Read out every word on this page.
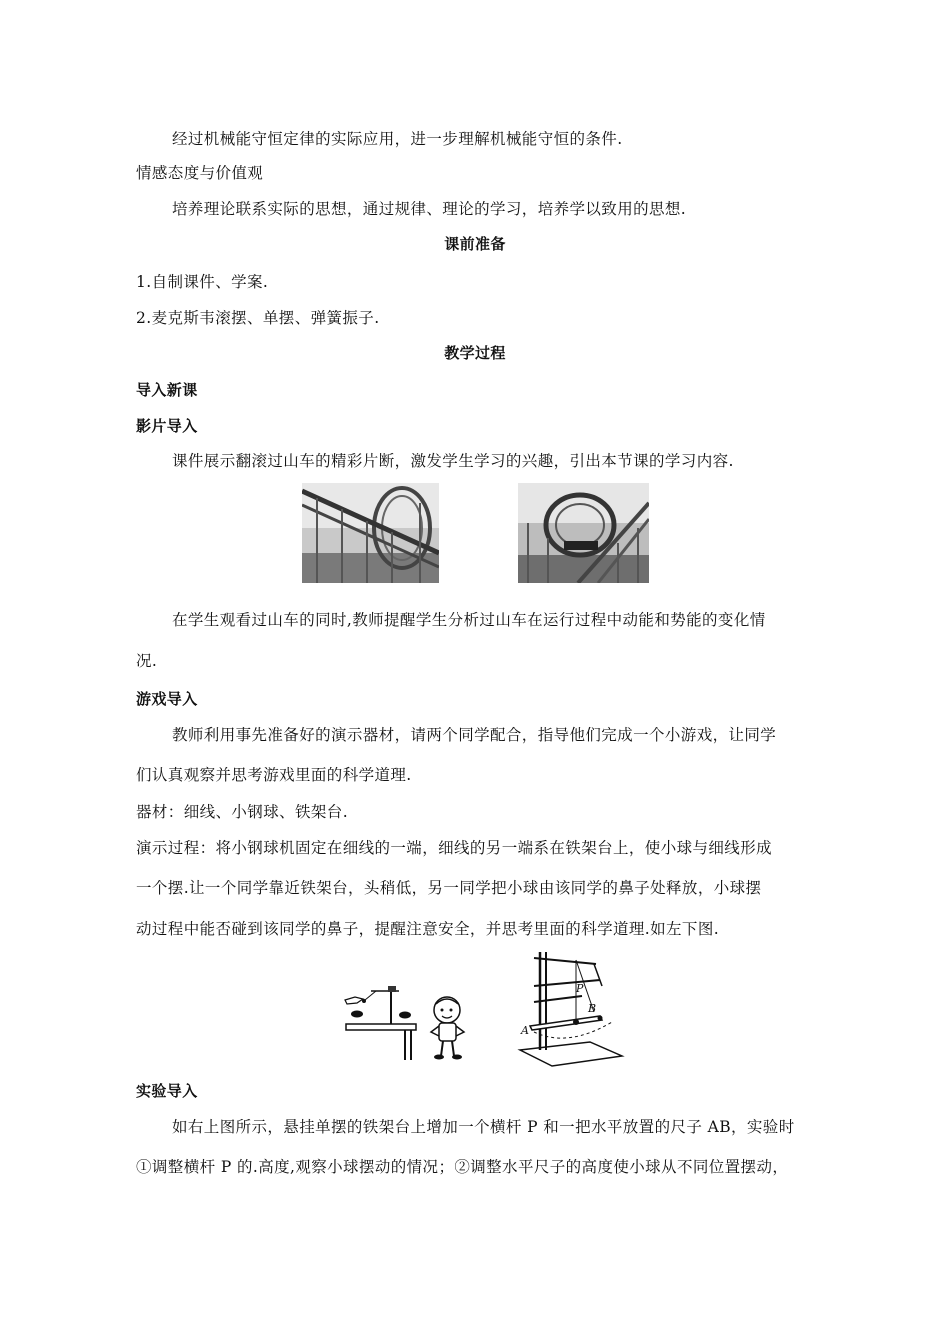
经过机械能守恒定律的实际应用，进一步理解机械能守恒的条件.
情感态度与价值观
培养理论联系实际的思想，通过规律、理论的学习，培养学以致用的思想.
课前准备
1.自制课件、学案.
2.麦克斯韦滚摆、单摆、弹簧振子.
教学过程
导入新课
影片导入
课件展示翻滚过山车的精彩片断，激发学生学习的兴趣，引出本节课的学习内容.
在学生观看过山车的同时,教师提醒学生分析过山车在运行过程中动能和势能的变化情
况.
游戏导入
教师利用事先准备好的演示器材，请两个同学配合，指导他们完成一个小游戏，让同学
们认真观察并思考游戏里面的科学道理.
器材：细线、小钢球、铁架台.
演示过程：将小钢球机固定在细线的一端，细线的另一端系在铁架台上，使小球与细线形成
一个摆.让一个同学靠近铁架台，头稍低，另一同学把小球由该同学的鼻子处释放，小球摆
动过程中能否碰到该同学的鼻子，提醒注意安全，并思考里面的科学道理.如左下图.
P
B
A
实验导入
如右上图所示，悬挂单摆的铁架台上增加一个横杆 P 和一把水平放置的尺子 AB，实验时
①调整横杆 P 的.高度,观察小球摆动的情况；②调整水平尺子的高度使小球从不同位置摆动，
